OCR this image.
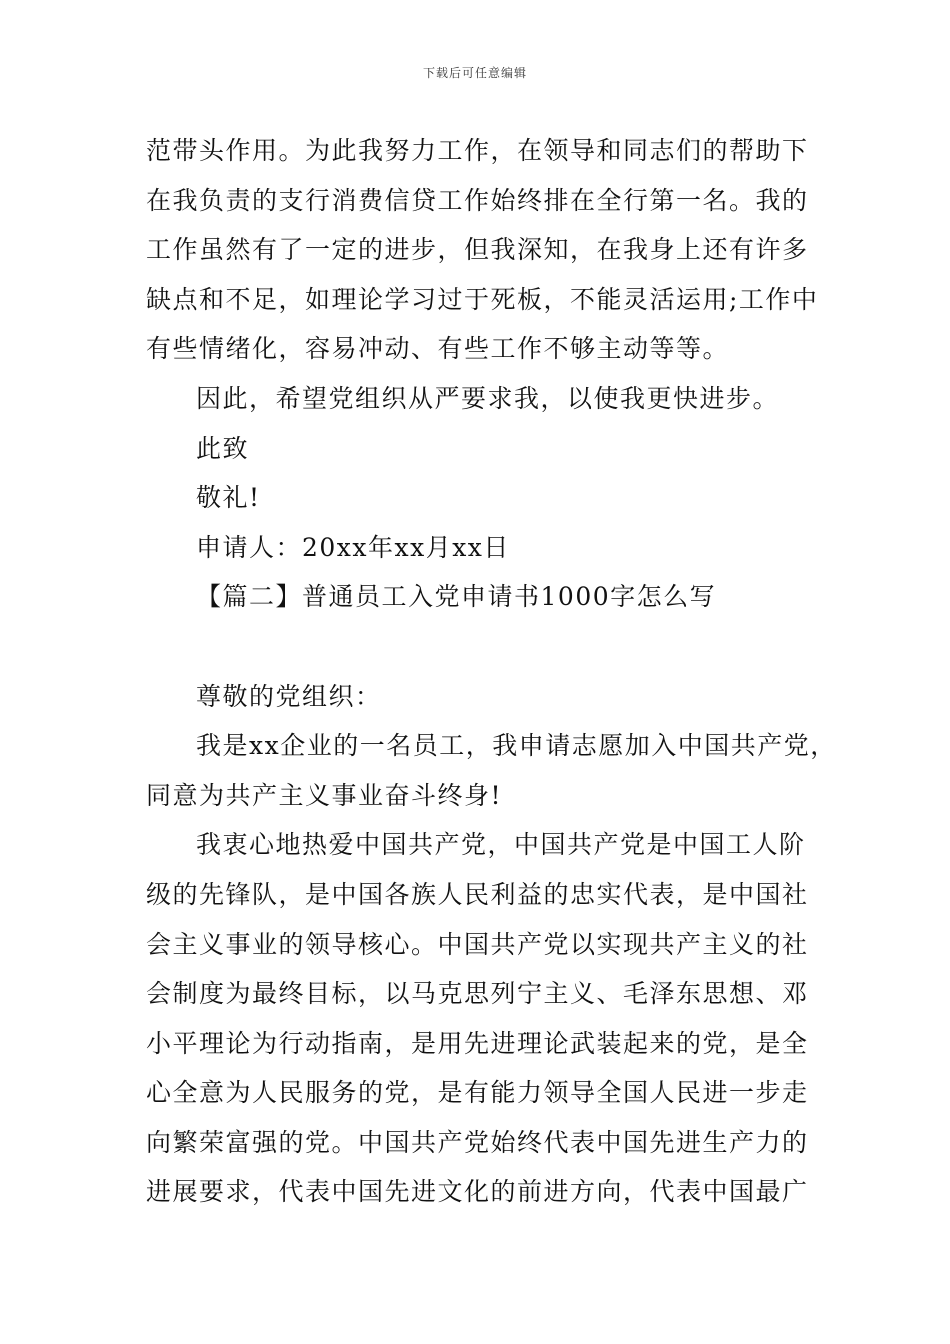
下载后可任意编辑
范带头作用。为此我努力工作，在领导和同志们的帮助下
在我负责的支行消费信贷工作始终排在全行第一名。我的
工作虽然有了一定的进步，但我深知，在我身上还有许多
缺点和不足，如理论学习过于死板，不能灵活运用;工作中
有些情绪化，容易冲动、有些工作不够主动等等。
因此，希望党组织从严要求我，以使我更快进步。
此致
敬礼!
申请人：20xx年xx月xx日
【篇二】普通员工入党申请书1000字怎么写
尊敬的党组织：
我是xx企业的一名员工，我申请志愿加入中国共产党，
同意为共产主义事业奋斗终身!
我衷心地热爱中国共产党，中国共产党是中国工人阶
级的先锋队，是中国各族人民利益的忠实代表，是中国社
会主义事业的领导核心。中国共产党以实现共产主义的社
会制度为最终目标，以马克思列宁主义、毛泽东思想、邓
小平理论为行动指南，是用先进理论武装起来的党，是全
心全意为人民服务的党，是有能力领导全国人民进一步走
向繁荣富强的党。中国共产党始终代表中国先进生产力的
进展要求，代表中国先进文化的前进方向，代表中国最广
